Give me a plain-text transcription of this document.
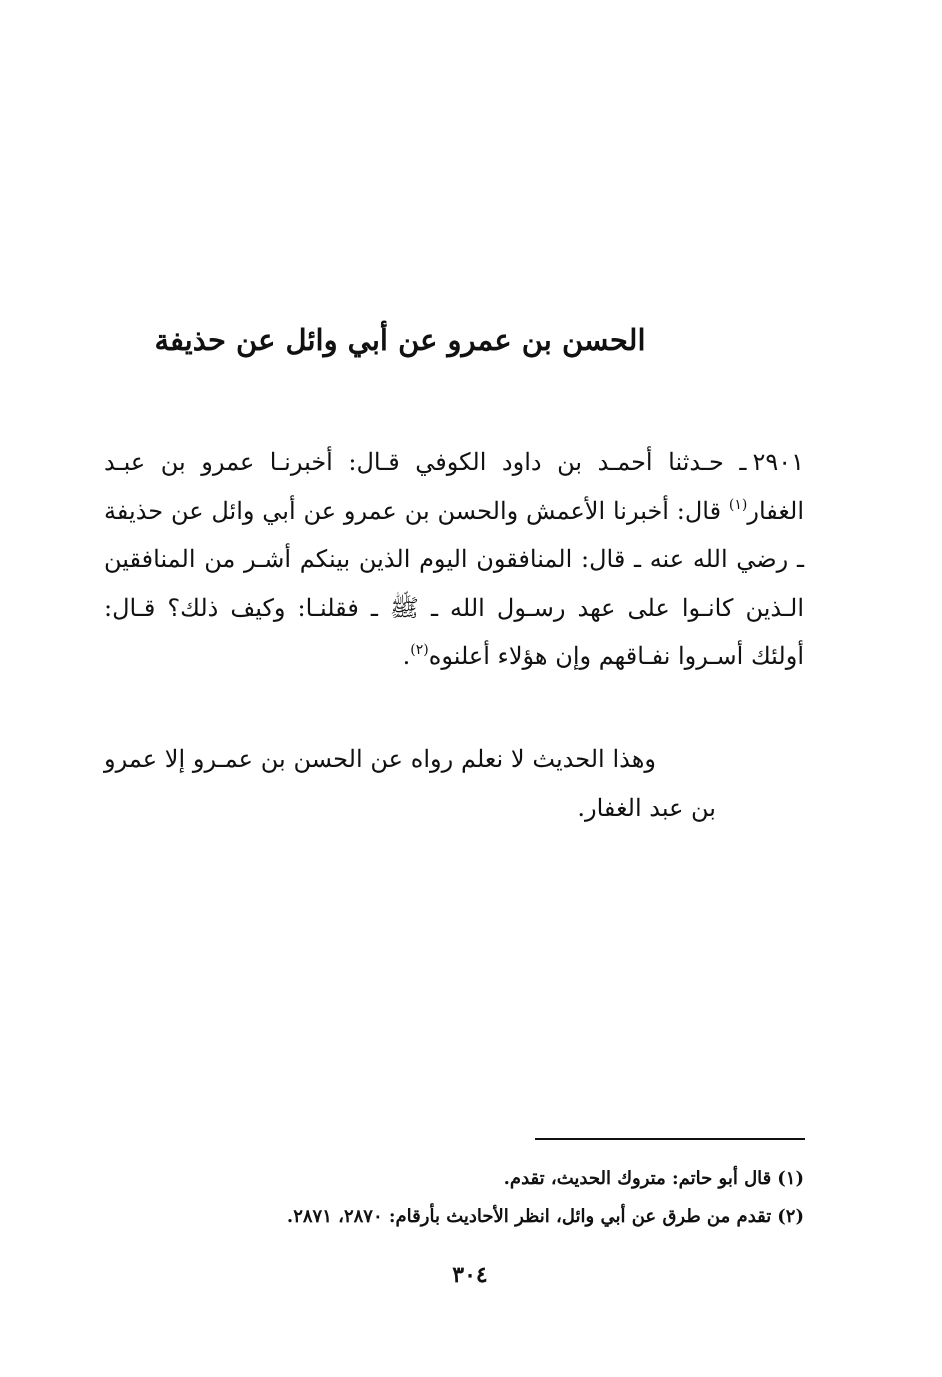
الحسن بن عمرو عن أبي وائل عن حذيفة
٢٩٠١ـ حـدثنا أحمـد بن داود الكوفي قـال: أخبرنـا عمرو بن عبـد الغفار$^{(١)}$ قال: أخبرنا الأعمش والحسن بن عمرو عن أبي وائل عن حذيفة ـ رضي الله عنه ـ قال: المنافقون اليوم الذين بينكم أشـر من المنافقين الـذين كانـوا على عهد رسـول الله ـ ﷺ ـ فقلنـا: وكيف ذلك؟ قـال: أولئك أسـروا نفـاقهم وإن هؤلاء أعلنوه$^{(٢)}$.
وهذا الحديث لا نعلم رواه عن الحسن بن عمـرو إلا عمرو بن عبد الغفار.
(١)قال أبو حاتم: متروك الحديث، تقدم.
(٢)تقدم من طرق عن أبي وائل، انظر الأحاديث بأرقام: ٢٨٧٠، ٢٨٧١.
٣٠٤
